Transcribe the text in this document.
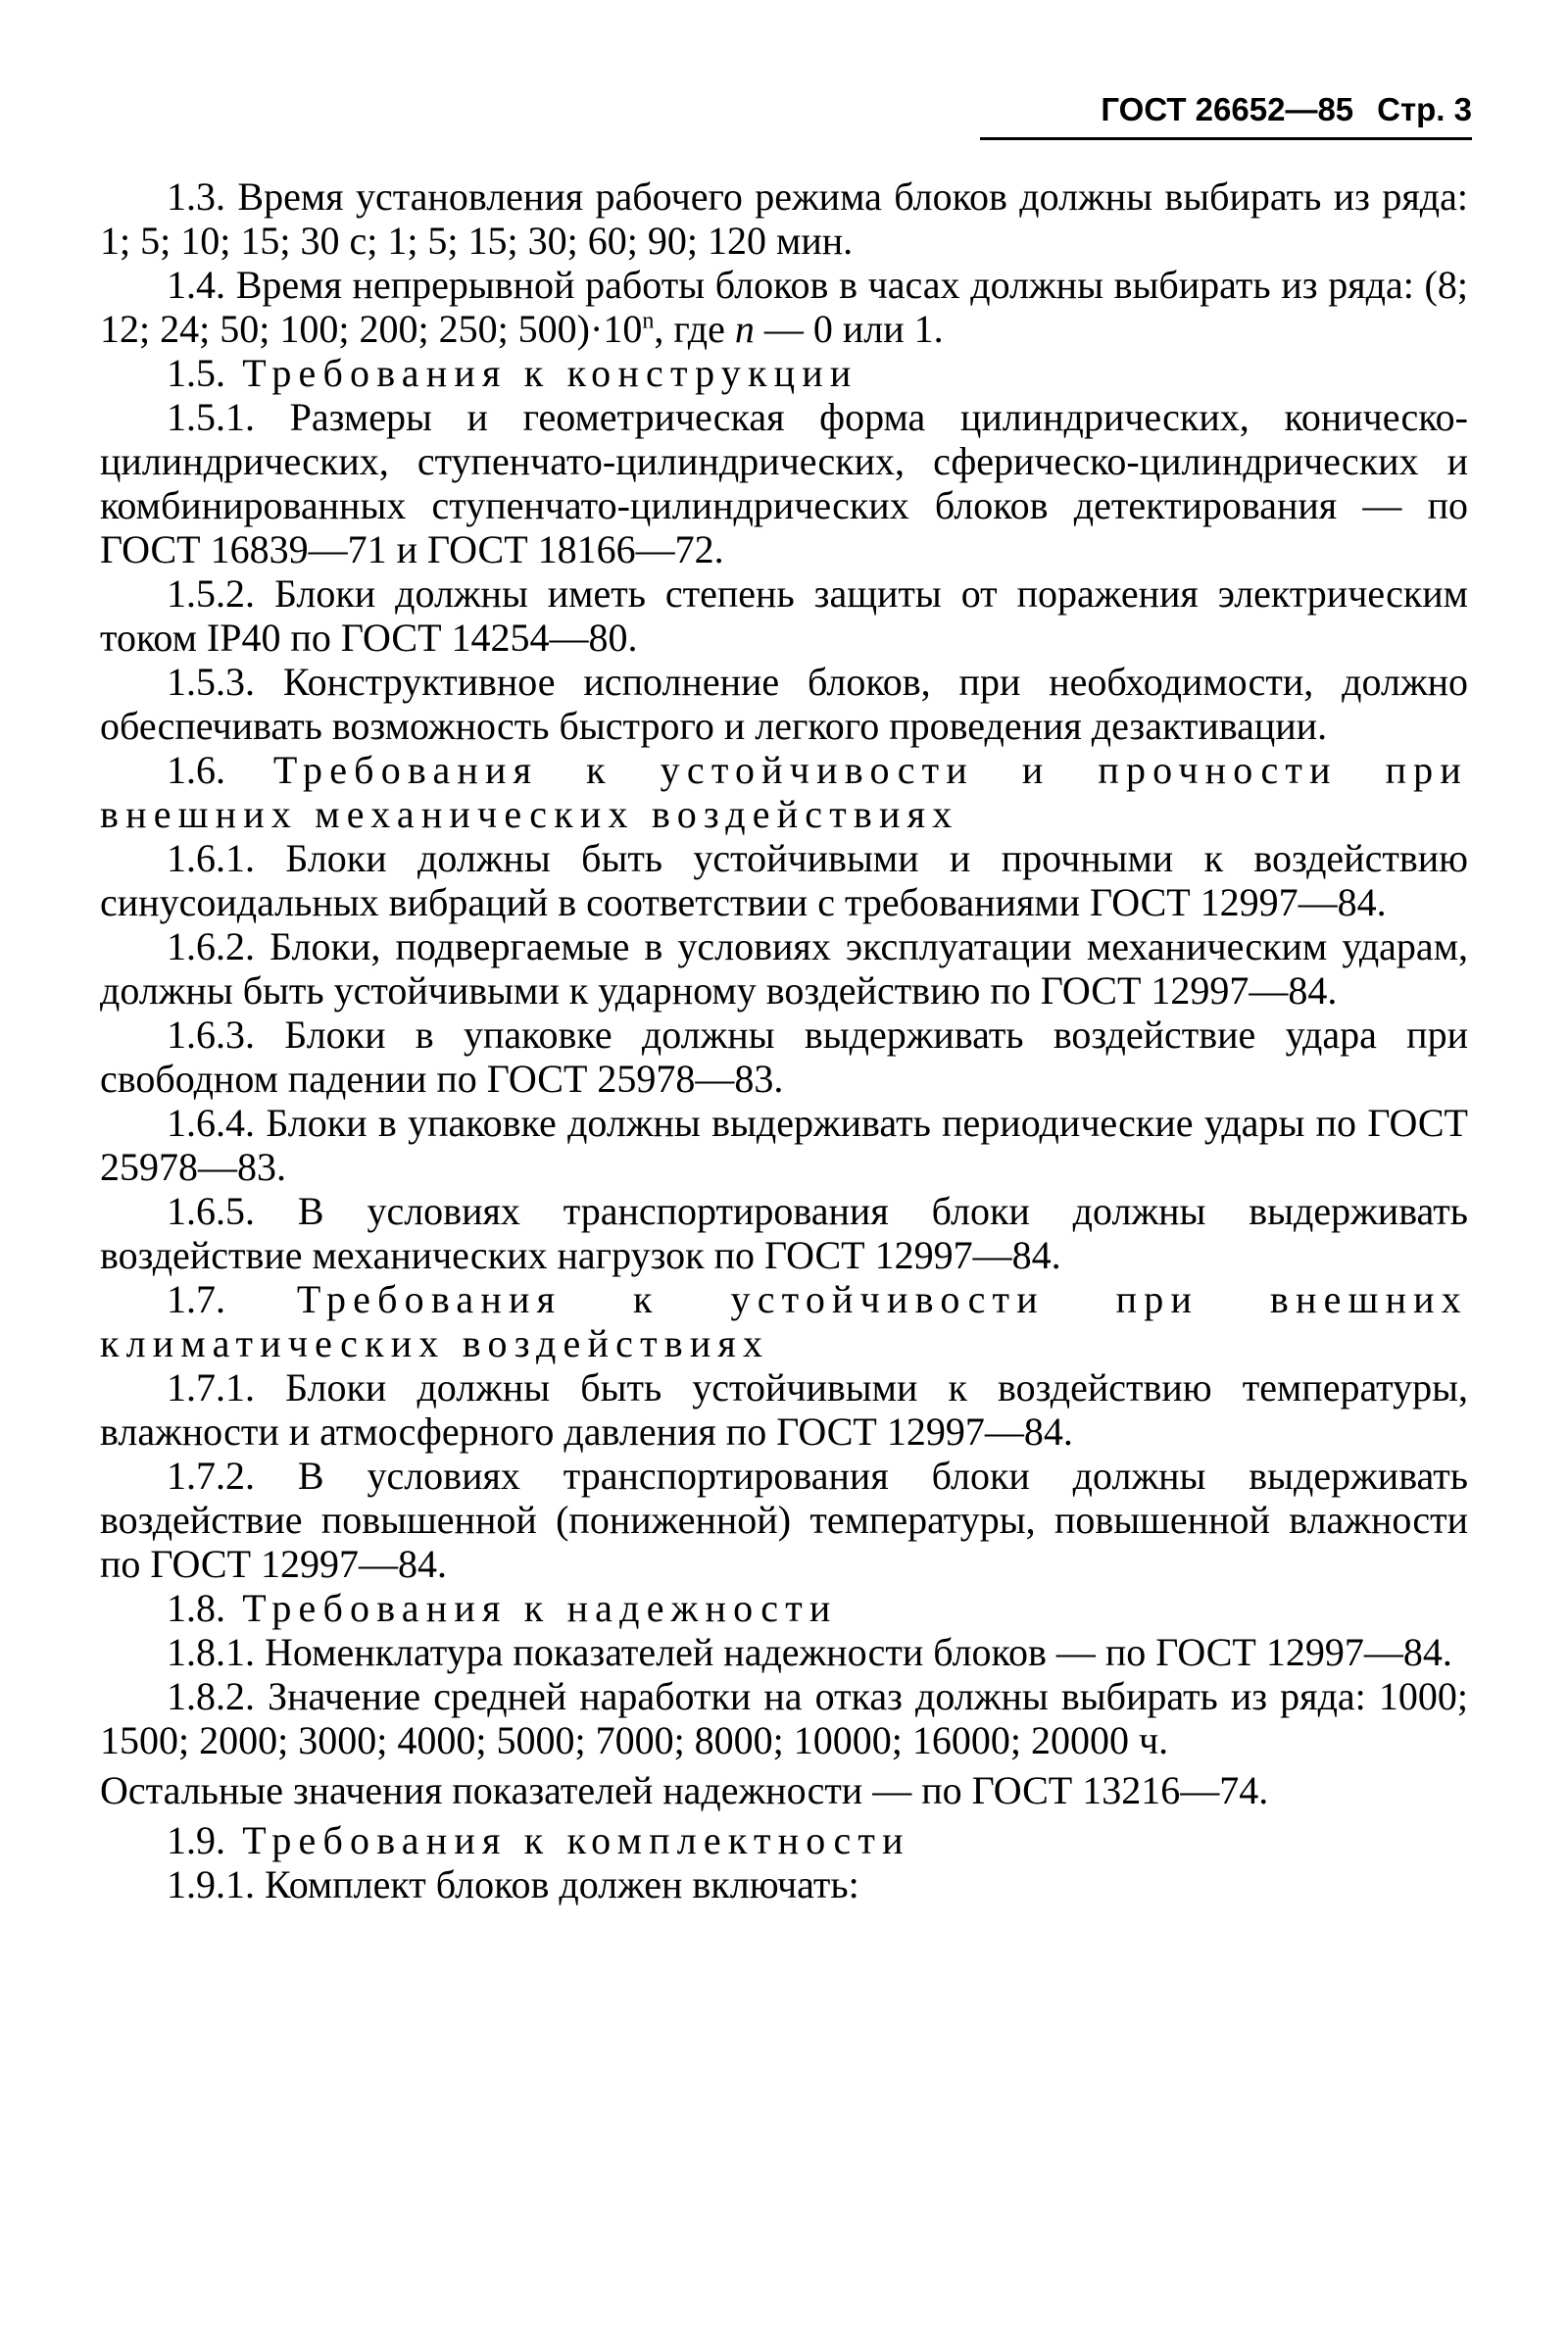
ГОСТ 26652—85 Стр. 3

1.3. Время установления рабочего режима блоков должны выбирать из ряда: 1; 5; 10; 15; 30 с; 1; 5; 15; 30; 60; 90; 120 мин.

1.4. Время непрерывной работы блоков в часах должны выбирать из ряда: (8; 12; 24; 50; 100; 200; 250; $500)\cdot 10^n$, где n — 0 или 1.

1.5. Требования к конструкции

1.5.1. Размеры и геометрическая форма цилиндрических, коническо-цилиндрических, ступенчато-цилиндрических, сферическо-цилиндрических и комбинированных ступенчато-цилиндрических блоков детектирования — по ГОСТ 16839—71 и ГОСТ 18166—72.

1.5.2. Блоки должны иметь степень защиты от поражения электрическим током IP40 по ГОСТ 14254—80.

1.5.3. Конструктивное исполнение блоков, при необходимости, должно обеспечивать возможность быстрого и легкого проведения дезактивации.

1.6. Требования к устойчивости и прочности при внешних механических воздействиях

1.6.1. Блоки должны быть устойчивыми и прочными к воздействию синусоидальных вибраций в соответствии с требованиями ГОСТ 12997—84.

1.6.2. Блоки, подвергаемые в условиях эксплуатации механическим ударам, должны быть устойчивыми к ударному воздействию по ГОСТ 12997—84.

1.6.3. Блоки в упаковке должны выдерживать воздействие удара при свободном падении по ГОСТ 25978—83.

1.6.4. Блоки в упаковке должны выдерживать периодические удары по ГОСТ 25978—83.

1.6.5. В условиях транспортирования блоки должны выдерживать воздействие механических нагрузок по ГОСТ 12997—84.

1.7. Требования к устойчивости при внешних климатических воздействиях

1.7.1. Блоки должны быть устойчивыми к воздействию температуры, влажности и атмосферного давления по ГОСТ 12997—84.

1.7.2. В условиях транспортирования блоки должны выдерживать воздействие повышенной (пониженной) температуры, повышенной влажности по ГОСТ 12997—84.

1.8. Требования к надежности

1.8.1. Номенклатура показателей надежности блоков — по ГОСТ 12997—84.

1.8.2. Значение средней наработки на отказ должны выбирать из ряда: 1000; 1500; 2000; 3000; 4000; 5000; 7000; 8000; 10000; 16000; 20000 ч.

Остальные значения показателей надежности — по ГОСТ 13216—74.

1.9. Требования к комплектности

1.9.1. Комплект блоков должен включать:
